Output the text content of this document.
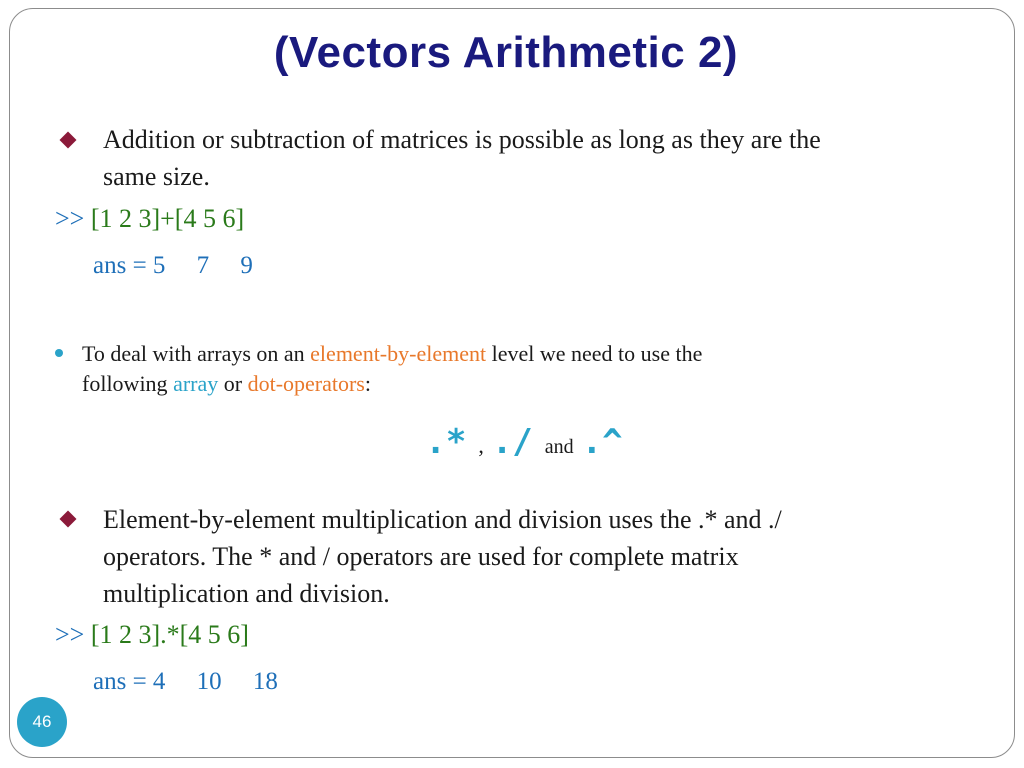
(Vectors Arithmetic 2)
Addition or subtraction of matrices is possible as long as they are the
same size.
>> [1 2 3]+[4 5 6]
ans = 5     7     9
To deal with arrays on an element-by-element level we need to use the
following array or dot-operators:

.* , ./ and .^

Element-by-element multiplication and division uses the .* and ./
operators. The * and / operators are used for complete matrix
multiplication and division.
>> [1 2 3].*[4 5 6]
ans = 4     10     18
46
